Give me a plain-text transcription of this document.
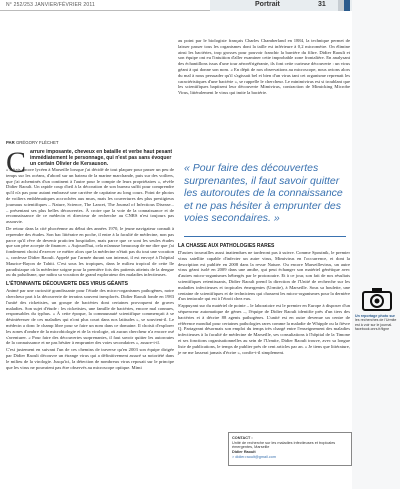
N° 252/253 JANVIER/FÉVRIER 2011	Portrait	31
PAR GRÉGORY FLÉCHET
C arrure imposante, cheveux en bataille et verbe haut pesant immédiatement le personnage, qui n'est pas sans évoquer un certain Olivier de Kersauson.

« J'étais encore lycéen à Marseille lorsque j'ai décidé de tout plaquer pour passer un peu de temps sur les océans, d'abord sur un bateau de la marine marchande, puis sur des voiliers, que j'ai acheminés d'un continent à l'autre pour le compte de leurs propriétaires », révèle Didier Raoult. Un rapide coup d'œil à la décoration de son bureau suffit pour comprendre qu'il n'a pas pour autant embrassé une carrière de capitaine au long cours. Point de photos de voiliers emblématiques accrochées aux murs, mais les couvertures des plus prestigieux journaux scientifiques – Nature, Science, The Lancet, The Journal of Infectious Disease... – présentant ses plus belles découvertes. À croire que la voie de la connaissance et de reconnaissance de ce médecin et directeur de recherche au CNRS n'est toujours pas assouvie.

De retour dans la cité phocéenne au début des années 1970, le jeune navigateur connaît à reprendre des études. Son bac littéraire en poche, il entre à la faculté de médecine, non pas parce qu'il rêve de devenir praticien hospitalier, mais parce que ce sont les seules études que son père accepte de financer. « Aujourd'hui, cela m'amuse beaucoup de me dire que j'ai fondement choisi d'exercer ce métier alors que la médecine n'était pas du tout une vocation », confesse Didier Raoult. Appelé par l'armée durant son internat, il est envoyé à l'hôpital Maurice-Bayon de Tahiti. C'est sous les tropiques, dans le milieu tropical de cette île paradisiaque où la médecine soigne pour la première fois des patients atteints de la dengue ou du paludisme, que naîtra sa vocation de grand explorateur des maladies infectieuses.

L'ÉTONNANTE DÉCOUVERTE DES VIRUS GÉANTS

Animé par une curiosité grandissante pour l'étude des micro-organismes pathogènes, notre chercheur part à la découverte de terrains souvent inexplorés. Didier Raoult fonde en 1983 l'unité des rickettsies, un groupe de bactéries dont certaines provoquent de graves maladies. Son sujet d'étude : les rickettsies, une famille de bactéries, encore mal connues, responsables du typhus. « À cette époque, la communauté scientifique commençait à se désintéresser de ces maladies qui n'ont plus court dans nos latitudes », se souvient-il. Le médecin a donc le champ libre pour se faire un nom dans ce domaine. Il choisit d'explorer les zones d'ombre de la microbiologie et de la virologie, où aucun chercheur n'a encore osé s'aventurer. « Pour faire des découvertes surprenantes, il faut savoir quitter les autoroutes de la connaissance et ne pas hésiter à emprunter des voies secondaires », assure-t-il.

C'est justement en suivant l'un de ces chemins de traverse qu'en 2003 son équipe dirigée par Didier Raoult découvre un étrange virus qui a définitivement assuré sa notoriété dans le milieu de la virologie. Jusqu'ici, la détection de nombreux virus reposait sur le principe que les virus ne pouvaient pas être observés au microscope optique. Mimi

au point par le biologiste français Charles Chamberland en 1884, la technique permet de laisser passer tous les organismes dont la taille est inférieure à 0,2 micromètre. On élimine ainsi les bactéries, trop grosses pour pouvoir franchir la barrière du filtre. Didier Raoult et son équipe ont eu l'intuition d'aller examiner cette improbable zone frontalière. En analysant des échantillons issus d'une tour aéroréfrigérante, ils font cette curieuse découverte : un virus géant à qui donne son nom. « En dépit de nos observations au microscope, nous avions alors du mal à nous persuader qu'il s'agissait bel et bien d'un virus tant cet organisme reprenait les caractéristiques d'une bactérie », se rappelle le chercheur. Le minimivirus est si troublant que les scientifiques baptisent leur découverte Mimivirus, contraction de Mimicking Microbe Virus, littéralement le virus qui imite la bactérie.

« Pour faire des découvertes surprenantes, il faut savoir quitter les autoroutes de la connaissance et ne pas hésiter à emprunter des voies secondaires. »
LA CHASSE AUX PATHOLOGIES RARES

D'autres trouvailles aussi inattendues ne tarderont pas à suivre. Comme Spoutnik, le premier virus satellite capable d'infecter un autre virus, Mimivirus en l'occurrence, et dont la description est publiée en 2008 dans la revue Nature. Ou encore Marseillevirus, un autre virus géant isolé en 2009 dans une amibe, qui peut échanger son matériel génétique avec d'autres micro-organismes hébergés par le protozoaire. Et à ce jour, son fait de nos résultats scientifiques retentissants, Didier Raoult prend la direction de l'Unité de recherche sur les maladies infectieuses et tropicales émergentes (Urmite), à Marseille. Sous sa houlette, une centaine de scientifiques et de techniciens qui chassent les micro-organismes pour la dernière d'un tentacule qui est à l'étroit chez eux.

S'appuyant sur du matériel de pointe – le laboratoire est le premier en Europe à disposer d'un séquenceur automatique de gènes –, l'équipe de Didier Raoult identifie près d'un tiers des bactéries et à décrire 88 agents pathogènes. L'unité est en outre devenue un centre de référence mondial pour certaines pathologies rares comme la maladie de Whipple ou la fièvre Q. Partageant désormais son emploi du temps très chargé entre l'enseignement des maladies infectieuses à la faculté de médecine de Marseille, ses consultations à l'hôpital de la Timone et ses fonctions organisationnelles au sein de l'Urmite, Didier Raoult trouve, avec sa longue liste de publications, le temps de publier près de cent articles par an. « Je tiens que littérature, je ne me lasserai jamais d'écrire », confie-t-il simplement.

Un reportage photo sur les recherches de l'Urmite est à voir sur le journal. facebook.cnrs.fr/ligne
CONTACT :
Unité de recherche sur les maladies infectieuses et tropicales émergentes, Marseille
Didier Raoult
> didier.raoult@gmail.com
